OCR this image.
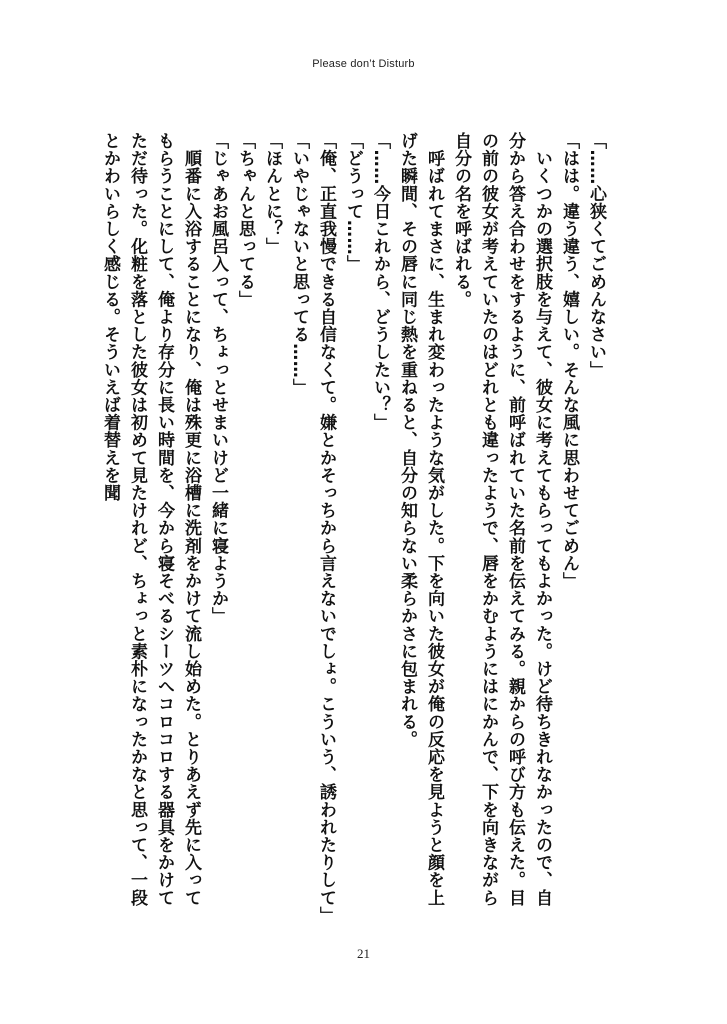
Please don’t Disturb

「……心狭くてごめんなさい」

「はは。違う違う、嬉しい。そんな風に思わせてごめん」

　いくつかの選択肢を与えて、彼女に考えてもらってもよかった。けど待ちきれなかったので、自分から答え合わせをするように、前呼ばれていた名前を伝えてみる。親からの呼び方も伝えた。目の前の彼女が考えていたのはどれとも違ったようで、唇をかむようにはにかんで、下を向きながら自分の名を呼ばれる。

　呼ばれてまさに、生まれ変わったような気がした。下を向いた彼女が俺の反応を見ようと顔を上げた瞬間、その唇に同じ熱を重ねると、自分の知らない柔らかさに包まれる。

「……今日これから、どうしたい？」

「どうって……」

「俺、正直我慢できる自信なくて。嫌とかそっちから言えないでしょ。こういう、誘われたりして」

「いやじゃないと思ってる……」

「ほんとに？」

「ちゃんと思ってる」

「じゃあお風呂入って、ちょっとせまいけど一緒に寝ようか」

　順番に入浴することになり、俺は殊更に浴槽に洗剤をかけて流し始めた。とりあえず先に入ってもらうことにして、俺より存分に長い時間を、今から寝そべるシーツへコロコロする器具をかけてただ待った。化粧を落とした彼女は初めて見たけれど、ちょっと素朴になったかなと思って、一段とかわいらしく感じる。そういえば着替えを聞

21
